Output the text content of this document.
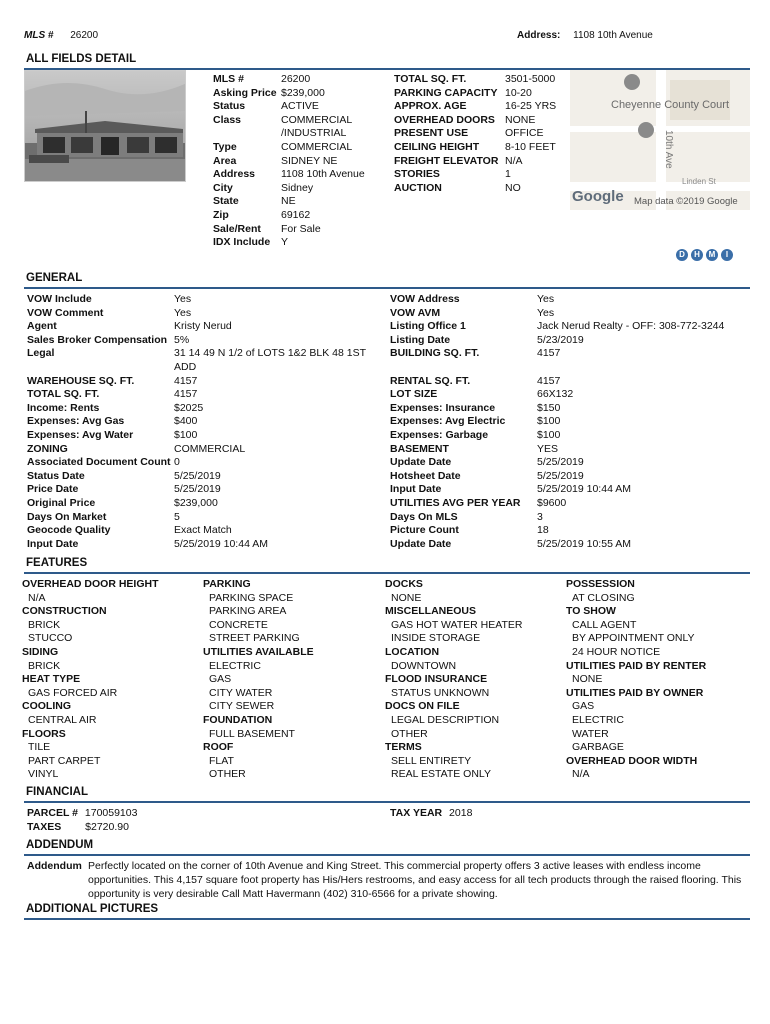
MLS # 26200	Address: 1108 10th Avenue
ALL FIELDS DETAIL
MLS #	26200
Asking Price $239,000
Status	ACTIVE
Class	COMMERCIAL
/INDUSTRIAL
Type	COMMERCIAL
Area	SIDNEY NE
Address	1108 10th Avenue
City	Sidney
State	NE
Zip	69162
Sale/Rent	For Sale
IDX Include	Y
TOTAL SQ. FT.	3501-5000
PARKING CAPACITY 10-20
APPROX. AGE	16-25 YRS
OVERHEAD DOORS NONE
PRESENT USE	OFFICE
CEILING HEIGHT	8-10 FEET
FREIGHT ELEVATOR N/A
STORIES	1
AUCTION	NO
Cheyenne County Court
10th Ave
Linden St
Google Map data ©2019 Google
D	H	M	I
GENERAL
VOW Include	Yes
VOW Comment	Yes
Agent	Kristy Nerud
Sales Broker Compensation 5%
Legal	31 14 49 N 1/2 of LOTS 1&2 BLK 48 1ST
ADD
WAREHOUSE SQ. FT.	4157
TOTAL SQ. FT.	4157
Income: Rents	$2025
Expenses: Avg Gas	$400
Expenses: Avg Water	$100
ZONING	COMMERCIAL
Associated Document Count 0
Status Date	5/25/2019
Price Date	5/25/2019
Original Price	$239,000
Days On Market	5
Geocode Quality	Exact Match
Input Date	5/25/2019 10:44 AM
VOW Address	Yes
VOW AVM	Yes
Listing Office 1	Jack Nerud Realty - OFF: 308-772-3244
Listing Date	5/23/2019
BUILDING SQ. FT.	4157
RENTAL SQ. FT.	4157
LOT SIZE	66X132
Expenses: Insurance	$150
Expenses: Avg Electric	$100
Expenses: Garbage	$100
BASEMENT	YES
Update Date	5/25/2019
Hotsheet Date	5/25/2019
Input Date	5/25/2019 10:44 AM
UTILITIES AVG PER YEAR	$9600
Days On MLS	3
Picture Count	18
Update Date	5/25/2019 10:55 AM
FEATURES
OVERHEAD DOOR HEIGHT
N/A
CONSTRUCTION
BRICK
STUCCO
SIDING
BRICK
HEAT TYPE
GAS FORCED AIR
COOLING
CENTRAL AIR
FLOORS
TILE
PART CARPET
VINYL
PARKING
PARKING SPACE
PARKING AREA
CONCRETE
STREET PARKING
UTILITIES AVAILABLE
ELECTRIC
GAS
CITY WATER
CITY SEWER
FOUNDATION
FULL BASEMENT
ROOF
FLAT
OTHER
DOCKS
NONE
MISCELLANEOUS
GAS HOT WATER HEATER
INSIDE STORAGE
LOCATION
DOWNTOWN
FLOOD INSURANCE
STATUS UNKNOWN
DOCS ON FILE
LEGAL DESCRIPTION
OTHER
TERMS
SELL ENTIRETY
REAL ESTATE ONLY
POSSESSION
AT CLOSING
TO SHOW
CALL AGENT
BY APPOINTMENT ONLY
24 HOUR NOTICE
UTILITIES PAID BY RENTER
NONE
UTILITIES PAID BY OWNER
GAS
ELECTRIC
WATER
GARBAGE
OVERHEAD DOOR WIDTH
N/A
FINANCIAL
PARCEL # 170059103
TAXES $2720.90
TAX YEAR 2018
ADDENDUM
Addendum Perfectly located on the corner of 10th Avenue and King Street. This commercial property offers 3 active leases with endless income
opportunities. This 4,157 square foot property has His/Hers restrooms, and easy access for all tech products through the raised flooring. This
opportunity is very desirable Call Matt Havermann (402) 310-6566 for a private showing.
ADDITIONAL PICTURES
